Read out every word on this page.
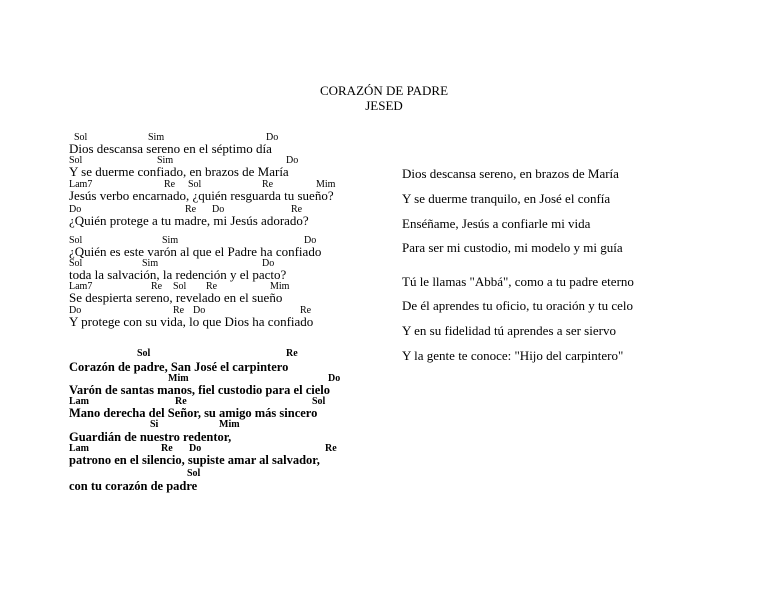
CORAZÓN DE PADRE
JESED
Sol	Sim	Do
Dios descansa sereno en el séptimo día
Sol	Sim	Do
Y se duerme confiado, en brazos de María
Lam7	Re Sol	Re	Mim
Jesús verbo encarnado, ¿quién resguarda tu sueño?
Do	Re Do	Re
¿Quién protege a tu madre, mi Jesús adorado?
Sol	Sim	Do
¿Quién es este varón al que el Padre ha confiado
Sol	Sim	Do
toda la salvación, la redención y el pacto?
Lam7	Re Sol Re	Mim
Se despierta sereno, revelado en el sueño
Do	Re Do	Re
Y protege con su vida, lo que Dios ha confiado
Sol	Re
Corazón de padre, San José el carpintero
Mim	Do
Varón de santas manos, fiel custodio para el cielo
Lam	Re	Sol
Mano derecha del Señor, su amigo más sincero
Si	Mim
Guardián de nuestro redentor,
Lam	Re Do	Re
patrono en el silencio, supiste amar al salvador,
Sol
con tu corazón de padre
Dios descansa sereno, en brazos de María
Y se duerme tranquilo, en José el confía
Enséñame, Jesús a confiarle mi vida
Para ser mi custodio, mi modelo y mi guía
Tú le llamas "Abbá", como a tu padre eterno
De él aprendes tu oficio, tu oración y tu celo
Y en su fidelidad tú aprendes a ser siervo
Y la gente te conoce: "Hijo del carpintero"
